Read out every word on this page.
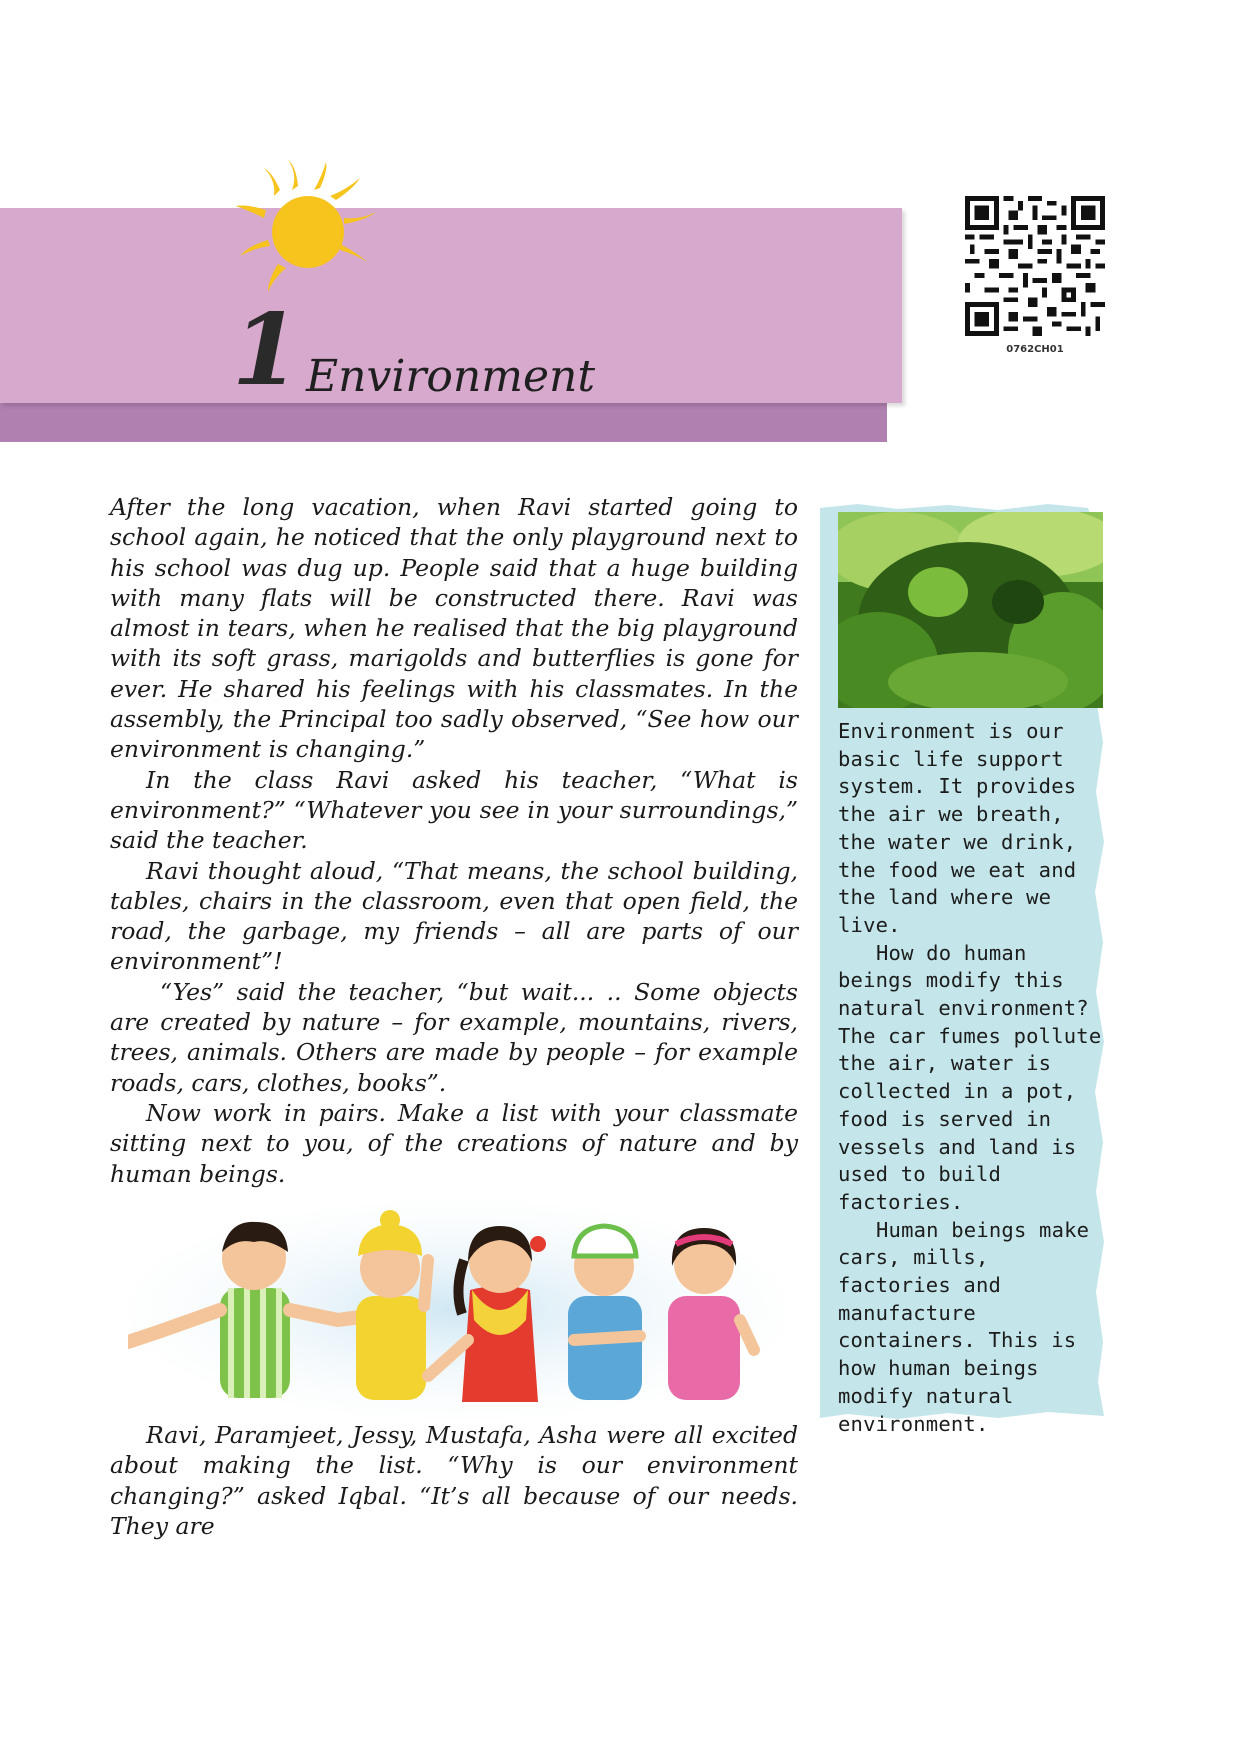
1 Environment
0762CH01

After the long vacation, when Ravi started going to school again, he noticed that the only playground next to his school was dug up. People said that a huge building with many flats will be constructed there. Ravi was almost in tears, when he realised that the big playground with its soft grass, marigolds and butterflies is gone for ever. He shared his feelings with his classmates. In the assembly, the Principal too sadly observed, “See how our environment is changing.”

In the class Ravi asked his teacher, “What is environment?” “Whatever you see in your surroundings,” said the teacher.

Ravi thought aloud, “That means, the school building, tables, chairs in the classroom, even that open field, the road, the garbage, my friends – all are parts of our environment”!

“Yes” said the teacher, “but wait... .. Some objects are created by nature – for example, mountains, rivers, trees, animals. Others are made by people – for example roads, cars, clothes, books”.

Now work in pairs. Make a list with your classmate sitting next to you, of the creations of nature and by human beings.

Ravi, Paramjeet, Jessy, Mustafa, Asha were all excited about making the list. “Why is our environment changing?” asked Iqbal. “It’s all because of our needs. They are

Environment is our basic life support system. It provides the air we breath, the water we drink, the food we eat and the land where we live.

How do human beings modify this natural environment? The car fumes pollute the air, water is collected in a pot, food is served in vessels and land is used to build factories.

Human beings make cars, mills, factories and manufacture containers. This is how human beings modify natural environment.
